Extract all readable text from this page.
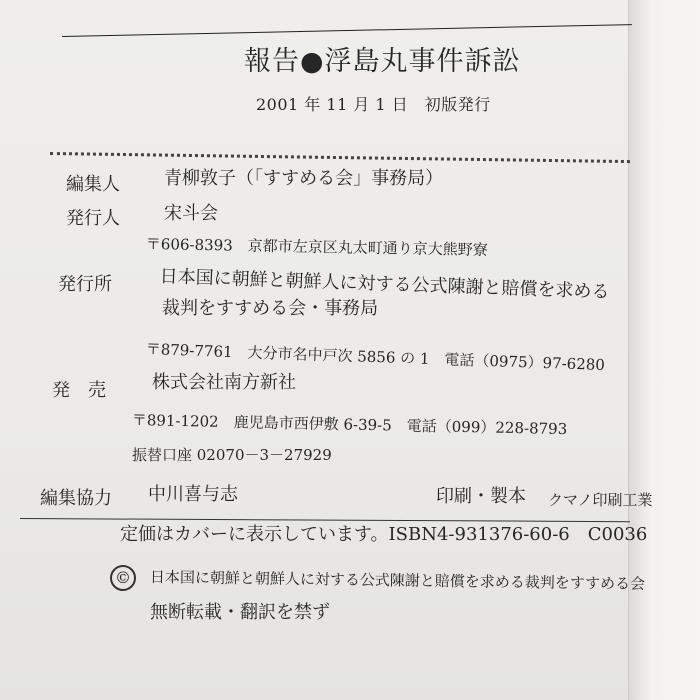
報告●浮島丸事件訴訟
2001 年 11 月 1 日　初版発行
編集人 青柳敦子（「すすめる会」事務局）
発行人 宋斗会
〒606-8393　京都市左京区丸太町通り京大熊野寮
発行所	日本国に朝鮮と朝鮮人に対する公式陳謝と賠償を求める
裁判をすすめる会・事務局
〒879-7761　大分市名中戸次 5856 の 1　電話（0975）97-6280
発　売	株式会社南方新社
〒891-1202　鹿児島市西伊敷 6-39-5　電話（099）228-8793
振替口座 02070－3－27929
編集協力 中川喜与志	印刷・製本 クマノ印刷工業
定価はカバーに表示しています。ISBN4-931376-60-6　C0036
©	日本国に朝鮮と朝鮮人に対する公式陳謝と賠償を求める裁判をすすめる会
無断転載・翻訳を禁ず
